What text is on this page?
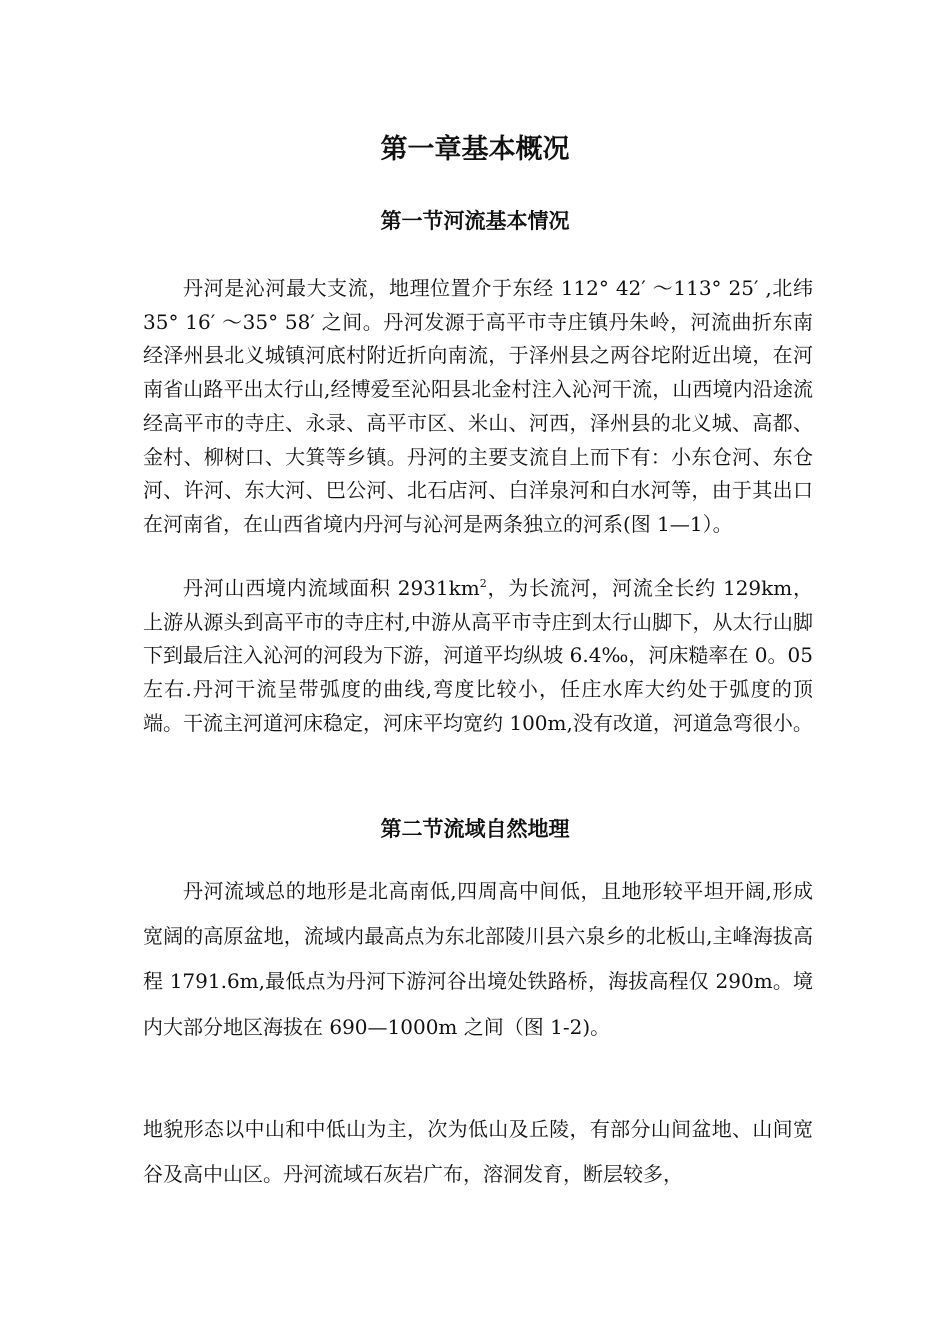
第一章基本概况
第一节河流基本情况

丹河是沁河最大支流，地理位置介于东经 112° 42′ ～113° 25′ ,北纬 35° 16′ ～35° 58′ 之间。丹河发源于高平市寺庄镇丹朱岭，河流曲折东南经泽州县北义城镇河底村附近折向南流，于泽州县之两谷坨附近出境，在河南省山路平出太行山,经博爱至沁阳县北金村注入沁河干流，山西境内沿途流经高平市的寺庄、永录、高平市区、米山、河西，泽州县的北义城、高都、金村、柳树口、大箕等乡镇。丹河的主要支流自上而下有：小东仓河、东仓河、许河、东大河、巴公河、北石店河、白洋泉河和白水河等，由于其出口在河南省，在山西省境内丹河与沁河是两条独立的河系(图 1—1）。

丹河山西境内流域面积 $2931km^2$，为长流河，河流全长约 129km，上游从源头到高平市的寺庄村,中游从高平市寺庄到太行山脚下，从太行山脚下到最后注入沁河的河段为下游，河道平均纵坡 6.4‰，河床糙率在 0。05 左右.丹河干流呈带弧度的曲线,弯度比较小，任庄水库大约处于弧度的顶端。干流主河道河床稳定，河床平均宽约 100m,没有改道，河道急弯很小。

第二节流域自然地理

丹河流域总的地形是北高南低,四周高中间低，且地形较平坦开阔,形成宽阔的高原盆地，流域内最高点为东北部陵川县六泉乡的北板山,主峰海拔高程 1791.6m,最低点为丹河下游河谷出境处铁路桥，海拔高程仅 290m。境内大部分地区海拔在 690—1000m 之间（图 1-2)。

地貌形态以中山和中低山为主，次为低山及丘陵，有部分山间盆地、山间宽谷及高中山区。丹河流域石灰岩广布，溶洞发育，断层较多，
